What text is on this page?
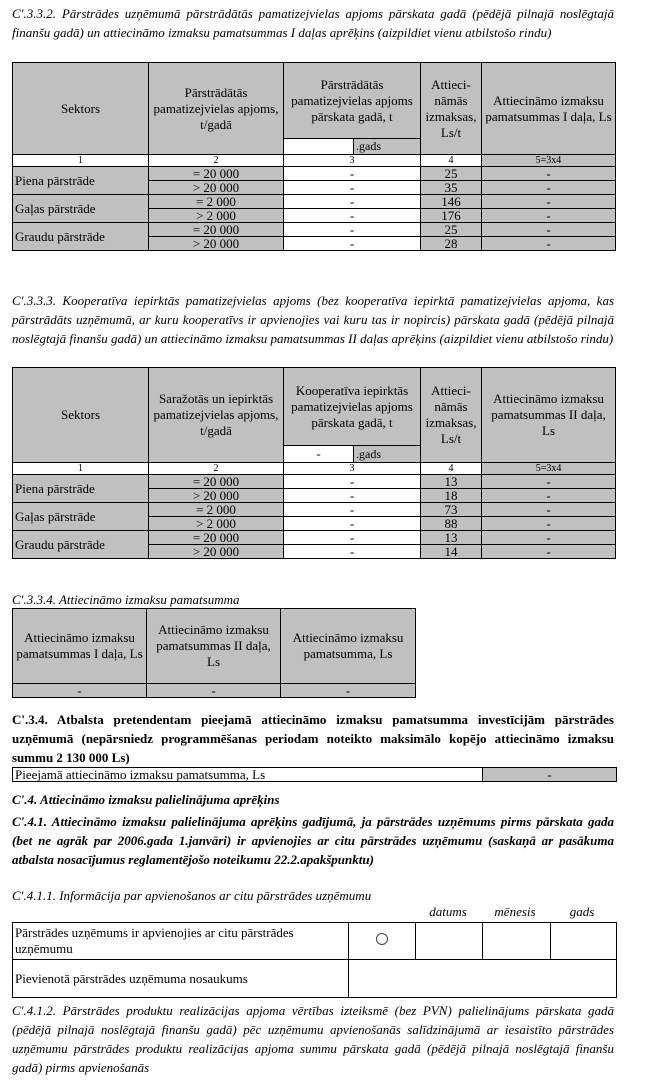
C'.3.3.2. Pārstrādes uzņēmumā pārstrādātās pamatizejvielas apjoms pārskata gadā (pēdējā pilnajā noslēgtajā finanšu gadā) un attiecināmo izmaksu pamatsummas I daļas aprēķins (aizpildiet vienu atbilstošo rindu)
Sektors	Pārstrādātās pamatizejvielas apjoms, t/gadā	Pārstrādātās pamatizejvielas apjoms pārskata gadā, t		Attieci-nāmās izmaksas, Ls/t	Attiecināmo izmaksu pamatsummas I daļa, Ls
			.gads		
1	2	3		4	5=3x4
Piena pārstrāde	= 20 000	-		25	-
	> 20 000	-		35	-
Gaļas pārstrāde	= 2 000	-		146	-
	> 2 000	-		176	-
Graudu pārstrāde	= 20 000	-		25	-
	> 20 000	-		28	-
C'.3.3.3. Kooperatīva iepirktās pamatizejvielas apjoms (bez kooperatīva iepirktā pamatizejvielas apjoma, kas pārstrādāts uzņēmumā, ar kuru kooperatīvs ir apvienojies vai kuru tas ir nopircis) pārskata gadā (pēdējā pilnajā noslēgtajā finanšu gadā) un attiecināmo izmaksu pamatsummas II daļas aprēķins (aizpildiet vienu atbilstošo rindu)
Sektors	Saražotās un iepirktās pamatizejvielas apjoms, t/gadā	Kooperatīva iepirktās pamatizejvielas apjoms pārskata gadā, t		Attieci-nāmās izmaksas, Ls/t	Attiecināmo izmaksu pamatsummas II daļa, Ls
		-	.gads		
1	2	3		4	5=3x4
Piena pārstrāde	= 20 000	-		13	-
	> 20 000	-		18	-
Gaļas pārstrāde	= 2 000	-		73	-
	> 2 000	-		88	-
Graudu pārstrāde	= 20 000	-		13	-
	> 20 000	-		14	-
C'.3.3.4. Attiecināmo izmaksu pamatsumma
Attiecināmo izmaksu pamatsummas I daļa, Ls	Attiecināmo izmaksu pamatsummas II daļa, Ls	Attiecināmo izmaksu pamatsumma, Ls
-	-	-
C'.3.4. Atbalsta pretendentam pieejamā attiecināmo izmaksu pamatsumma investīcijām pārstrādes uzņēmumā (nepārsniedz programmēšanas periodam noteikto maksimālo kopējo attiecināmo izmaksu summu 2 130 000 Ls)
Pieejamā attiecināmo izmaksu pamatsumma, Ls	-
C'.4. Attiecināmo izmaksu palielinājuma aprēķins
C'.4.1. Attiecināmo izmaksu palielinājuma aprēķins gadījumā, ja pārstrādes uzņēmums pirms pārskata gada (bet ne agrāk par 2006.gada 1.janvāri) ir apvienojies ar citu pārstrādes uzņēmumu (saskaņā ar pasākuma atbalsta nosacījumus reglamentējošo noteikumu 22.2.apakšpunktu)
C'.4.1.1. Informācija par apvienošanos ar citu pārstrādes uzņēmumu
datums	mēnesis	gads
Pārstrādes uzņēmums ir apvienojies ar citu pārstrādes uzņēmumu				
Pievienotā pārstrādes uzņēmuma nosaukums				
C'.4.1.2. Pārstrādes produktu realizācijas apjoma vērtības izteiksmē (bez PVN) palielinājums pārskata gadā (pēdējā pilnajā noslēgtajā finanšu gadā) pēc uzņēmumu apvienošanās salīdzinājumā ar iesaistīto pārstrādes uzņēmumu pārstrādes produktu realizācijas apjoma summu pārskata gadā (pēdējā pilnajā noslēgtajā finanšu gadā) pirms apvienošanās
